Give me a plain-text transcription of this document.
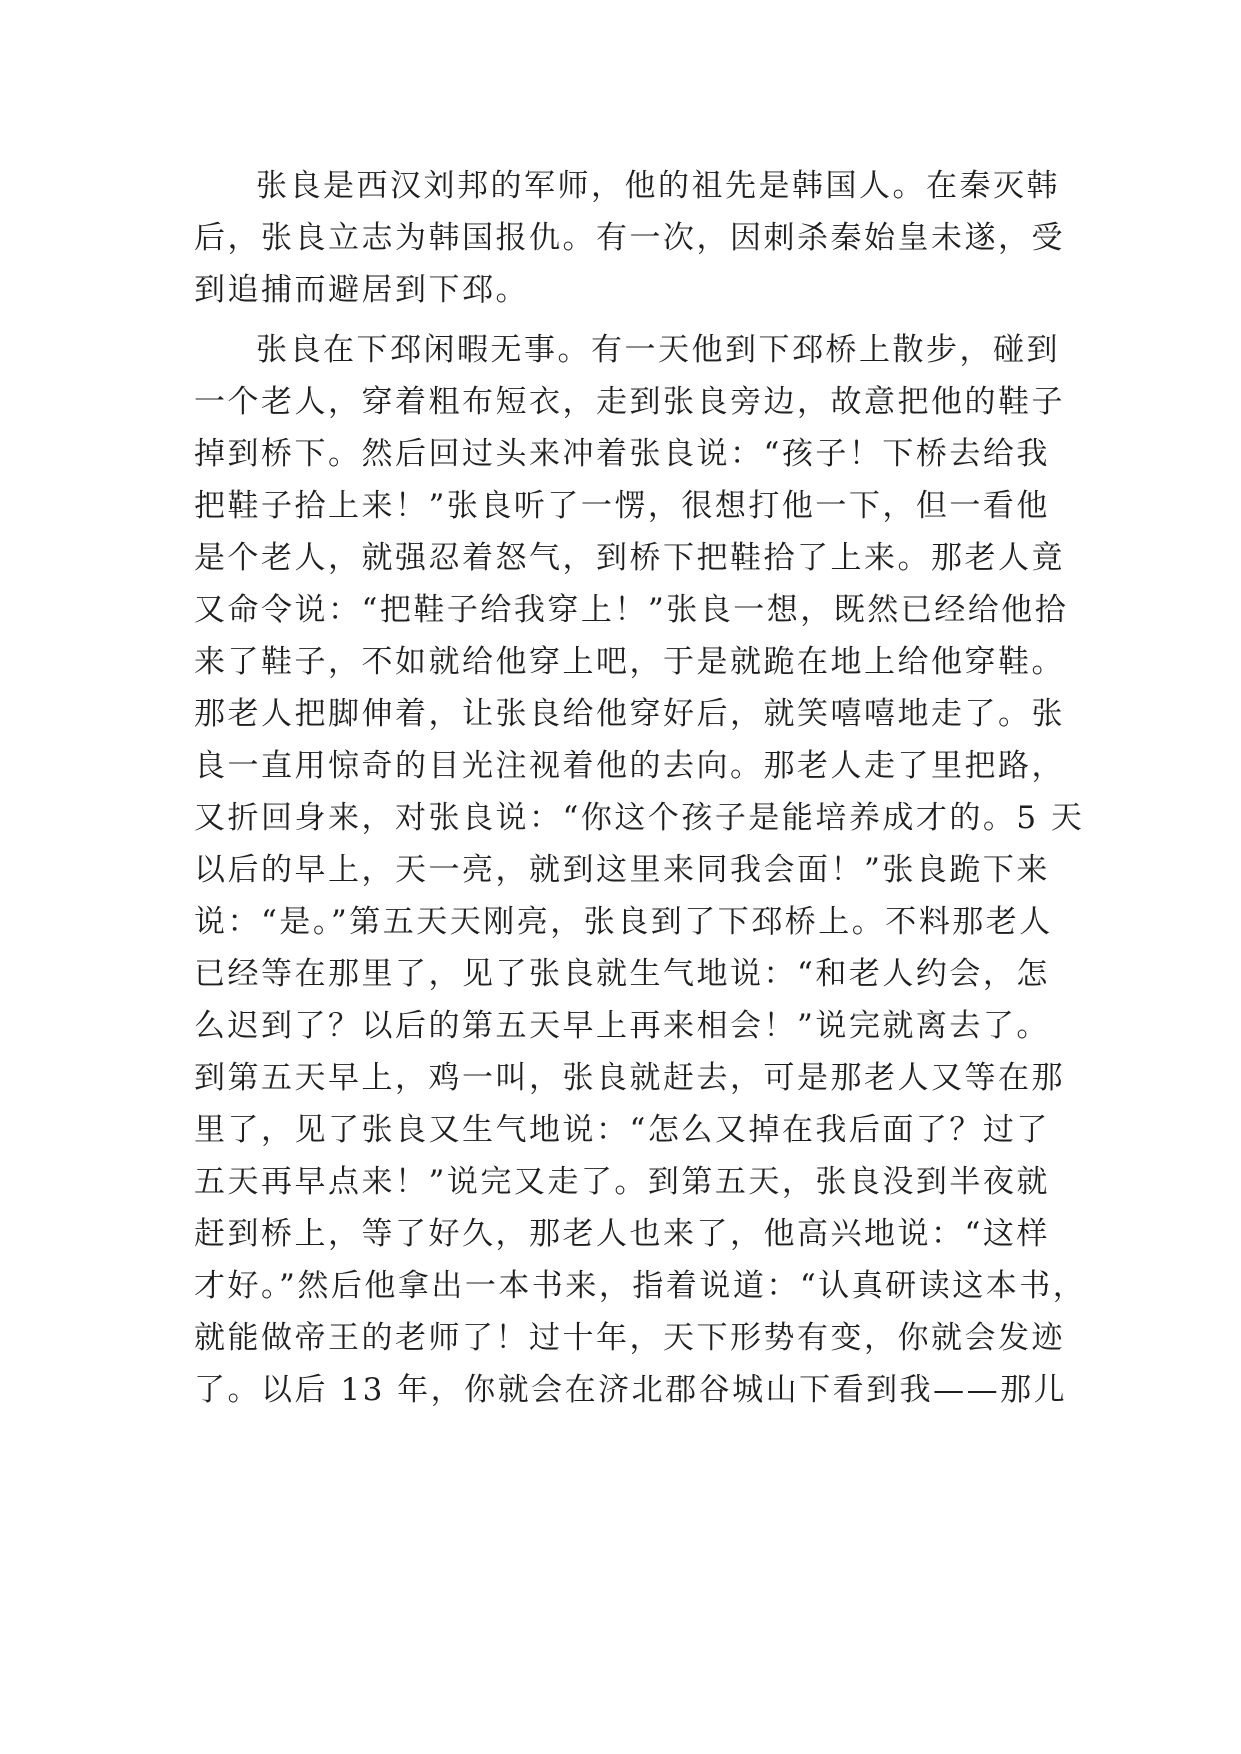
张良是西汉刘邦的军师，他的祖先是韩国人。在秦灭韩
后，张良立志为韩国报仇。有一次，因刺杀秦始皇未遂，受
到追捕而避居到下邳。

张良在下邳闲暇无事。有一天他到下邳桥上散步，碰到
一个老人，穿着粗布短衣，走到张良旁边，故意把他的鞋子
掉到桥下。然后回过头来冲着张良说：“孩子！下桥去给我
把鞋子拾上来！”张良听了一愣，很想打他一下，但一看他
是个老人，就强忍着怒气，到桥下把鞋拾了上来。那老人竟
又命令说：“把鞋子给我穿上！”张良一想，既然已经给他拾
来了鞋子，不如就给他穿上吧，于是就跪在地上给他穿鞋。
那老人把脚伸着，让张良给他穿好后，就笑嘻嘻地走了。张
良一直用惊奇的目光注视着他的去向。那老人走了里把路，
又折回身来，对张良说：“你这个孩子是能培养成才的。5 天
以后的早上，天一亮，就到这里来同我会面！”张良跪下来
说：“是。”第五天天刚亮，张良到了下邳桥上。不料那老人
已经等在那里了，见了张良就生气地说：“和老人约会，怎
么迟到了？以后的第五天早上再来相会！”说完就离去了。
到第五天早上，鸡一叫，张良就赶去，可是那老人又等在那
里了，见了张良又生气地说：“怎么又掉在我后面了？过了
五天再早点来！”说完又走了。到第五天，张良没到半夜就
赶到桥上，等了好久，那老人也来了，他高兴地说：“这样
才好。”然后他拿出一本书来，指着说道：“认真研读这本书，
就能做帝王的老师了！过十年，天下形势有变，你就会发迹
了。以后 13 年，你就会在济北郡谷城山下看到我——那儿
